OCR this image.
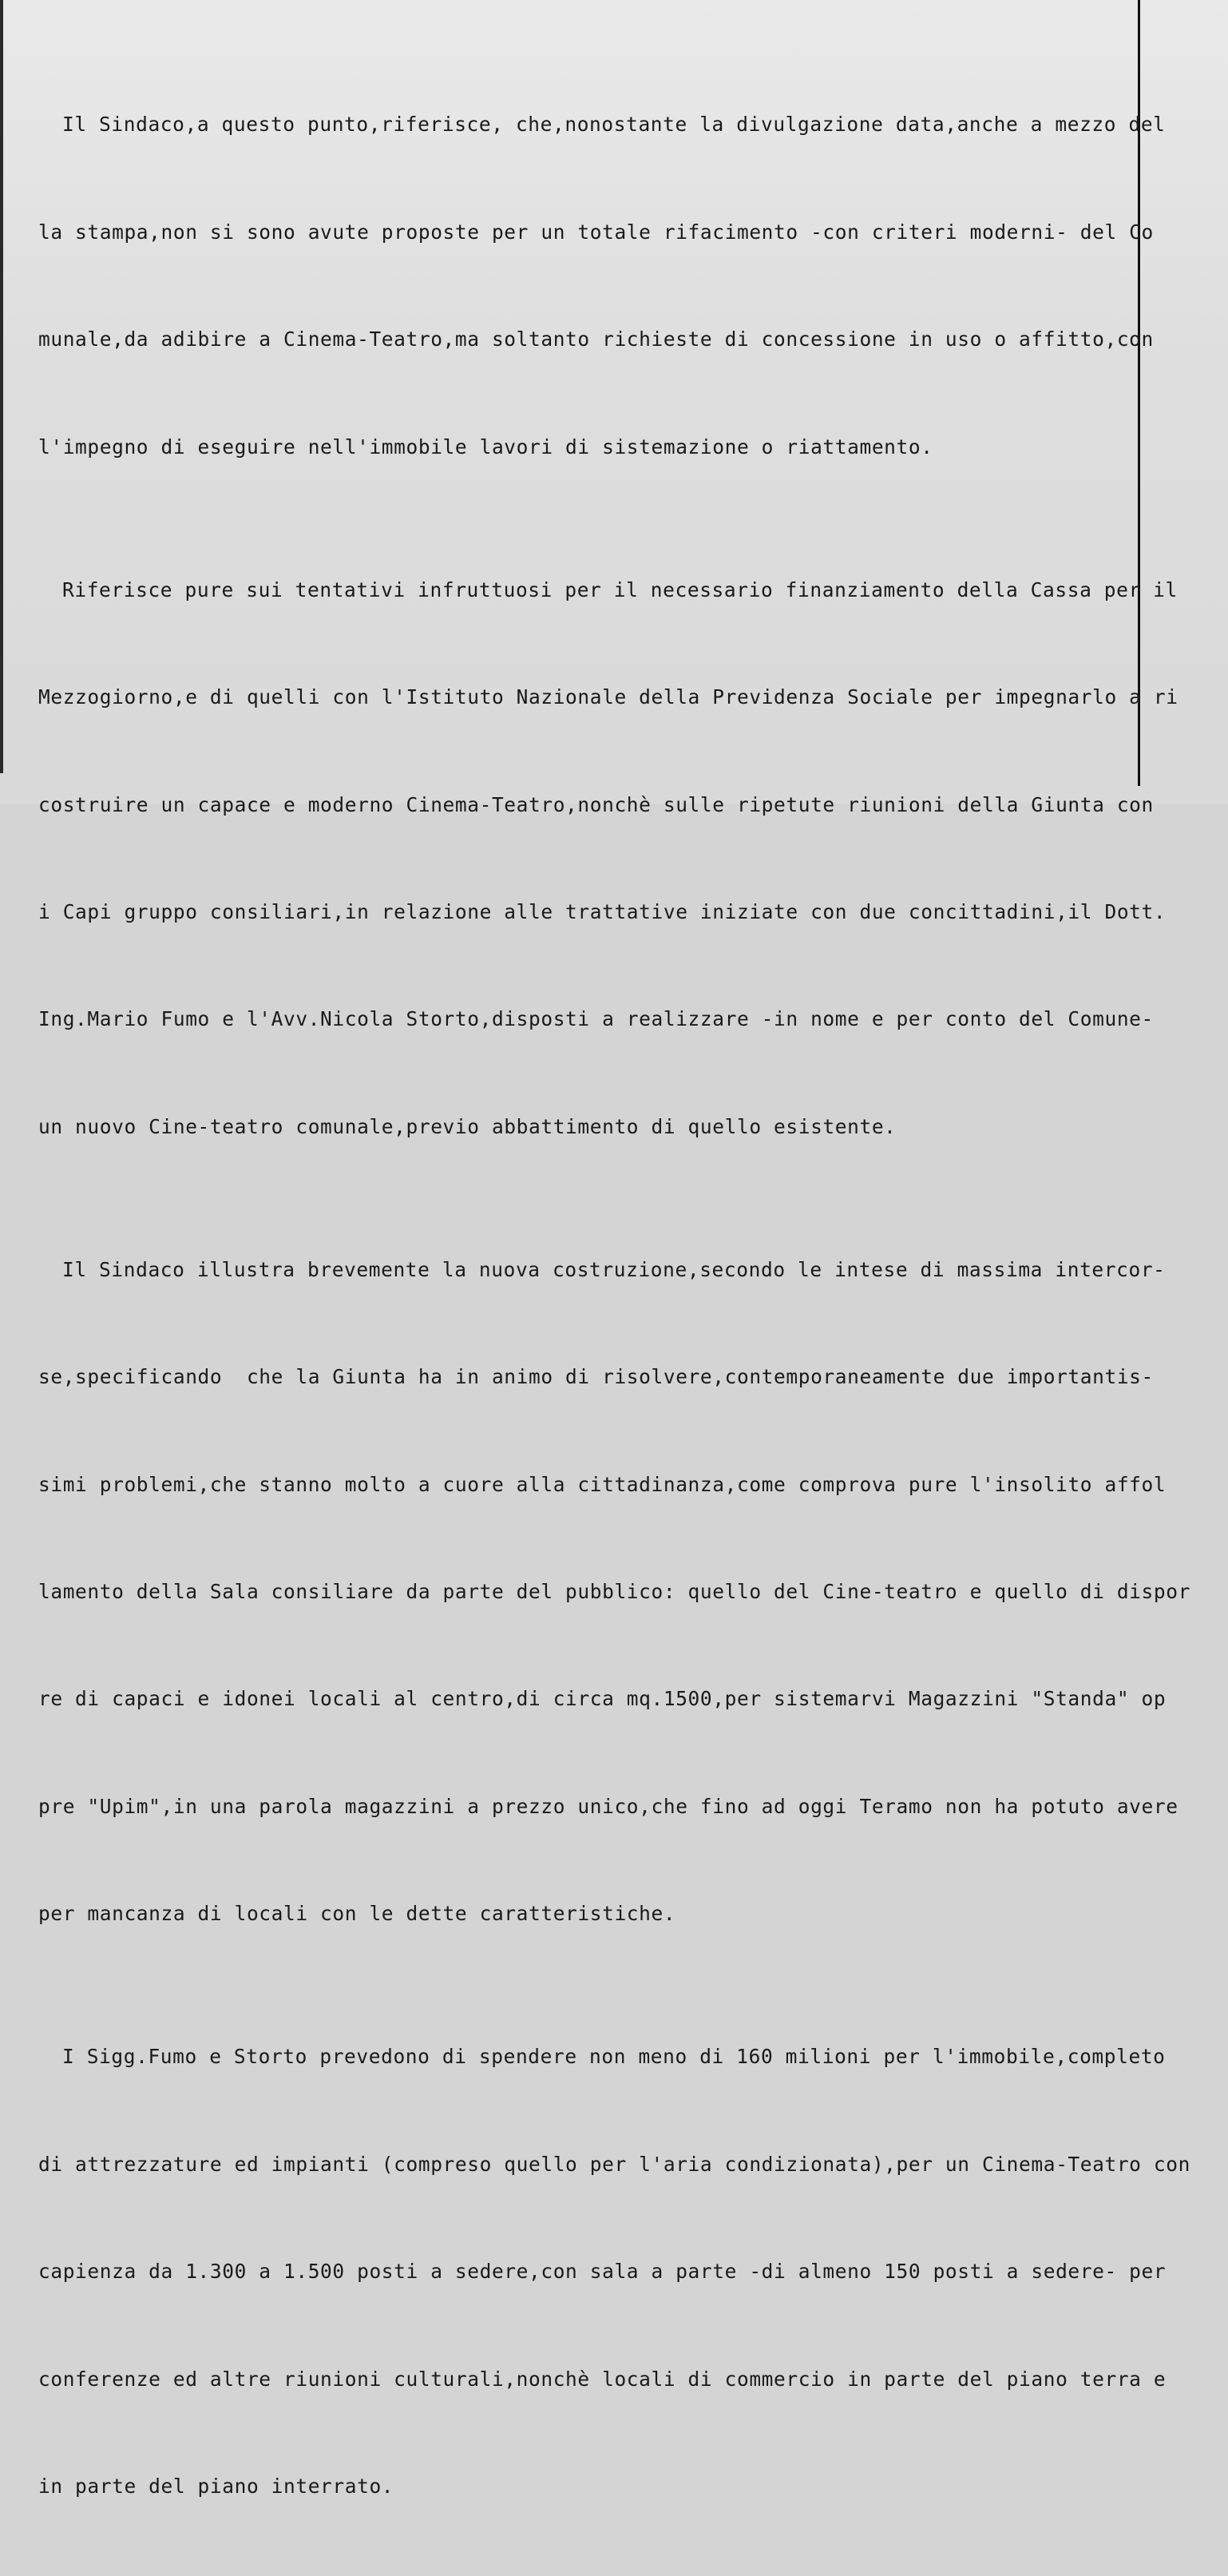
Il Sindaco,a questo punto,riferisce, che,nonostante la divulgazione data,anche a mezzo del

la stampa,non si sono avute proposte per un totale rifacimento -con criteri moderni- del Co

munale,da adibire a Cinema-Teatro,ma soltanto richieste di concessione in uso o affitto,con

l'impegno di eseguire nell'immobile lavori di sistemazione o riattamento.

Riferisce pure sui tentativi infruttuosi per il necessario finanziamento della Cassa per il

Mezzogiorno,e di quelli con l'Istituto Nazionale della Previdenza Sociale per impegnarlo a ri

costruire un capace e moderno Cinema-Teatro,nonchè sulle ripetute riunioni della Giunta con

i Capi gruppo consiliari,in relazione alle trattative iniziate con due concittadini,il Dott.

Ing.Mario Fumo e l'Avv.Nicola Storto,disposti a realizzare -in nome e per conto del Comune-

un nuovo Cine-teatro comunale,previo abbattimento di quello esistente.

Il Sindaco illustra brevemente la nuova costruzione,secondo le intese di massima intercor-

se,specificando  che la Giunta ha in animo di risolvere,contemporaneamente due importantis-

simi problemi,che stanno molto a cuore alla cittadinanza,come comprova pure l'insolito affol

lamento della Sala consiliare da parte del pubblico: quello del Cine-teatro e quello di dispor

re di capaci e idonei locali al centro,di circa mq.1500,per sistemarvi Magazzini "Standa" op

pre "Upim",in una parola magazzini a prezzo unico,che fino ad oggi Teramo non ha potuto avere

per mancanza di locali con le dette caratteristiche.

I Sigg.Fumo e Storto prevedono di spendere non meno di 160 milioni per l'immobile,completo

di attrezzature ed impianti (compreso quello per l'aria condizionata),per un Cinema-Teatro con

capienza da 1.300 a 1.500 posti a sedere,con sala a parte -di almeno 150 posti a sedere- per

conferenze ed altre riunioni culturali,nonchè locali di commercio in parte del piano terra e

in parte del piano interrato.
